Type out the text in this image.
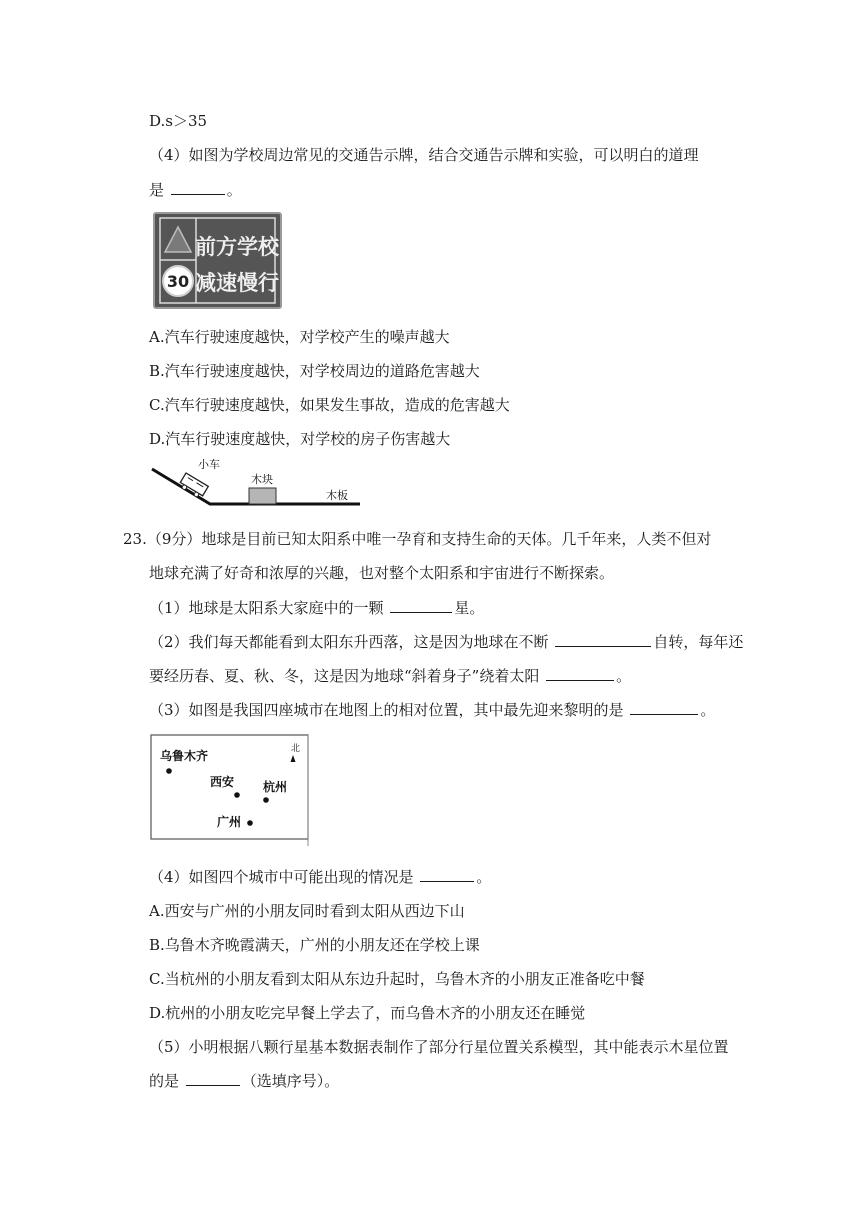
D.s＞35
（4）如图为学校周边常见的交通告示牌，结合交通告示牌和实验，可以明白的道理
是	。
30
前方学校
减速慢行
A.汽车行驶速度越快，对学校产生的噪声越大
B.汽车行驶速度越快，对学校周边的道路危害越大
C.汽车行驶速度越快，如果发生事故，造成的危害越大
D.汽车行驶速度越快，对学校的房子伤害越大
小车
木块
木板
23.（9分）地球是目前已知太阳系中唯一孕育和支持生命的天体。几千年来，人类不但对
地球充满了好奇和浓厚的兴趣，也对整个太阳系和宇宙进行不断探索。
（1）地球是太阳系大家庭中的一颗	星。
（2）我们每天都能看到太阳东升西落，这是因为地球在不断	自转，每年还
要经历春、夏、秋、冬，这是因为地球“斜着身子”绕着太阳	。
（3）如图是我国四座城市在地图上的相对位置，其中最先迎来黎明的是	。
北
乌鲁木齐
西安 杭州
广州
（4）如图四个城市中可能出现的情况是	。
A.西安与广州的小朋友同时看到太阳从西边下山
B.乌鲁木齐晚霞满天，广州的小朋友还在学校上课
C.当杭州的小朋友看到太阳从东边升起时，乌鲁木齐的小朋友正准备吃中餐
D.杭州的小朋友吃完早餐上学去了，而乌鲁木齐的小朋友还在睡觉
（5）小明根据八颗行星基本数据表制作了部分行星位置关系模型，其中能表示木星位置
的是	（选填序号）。
